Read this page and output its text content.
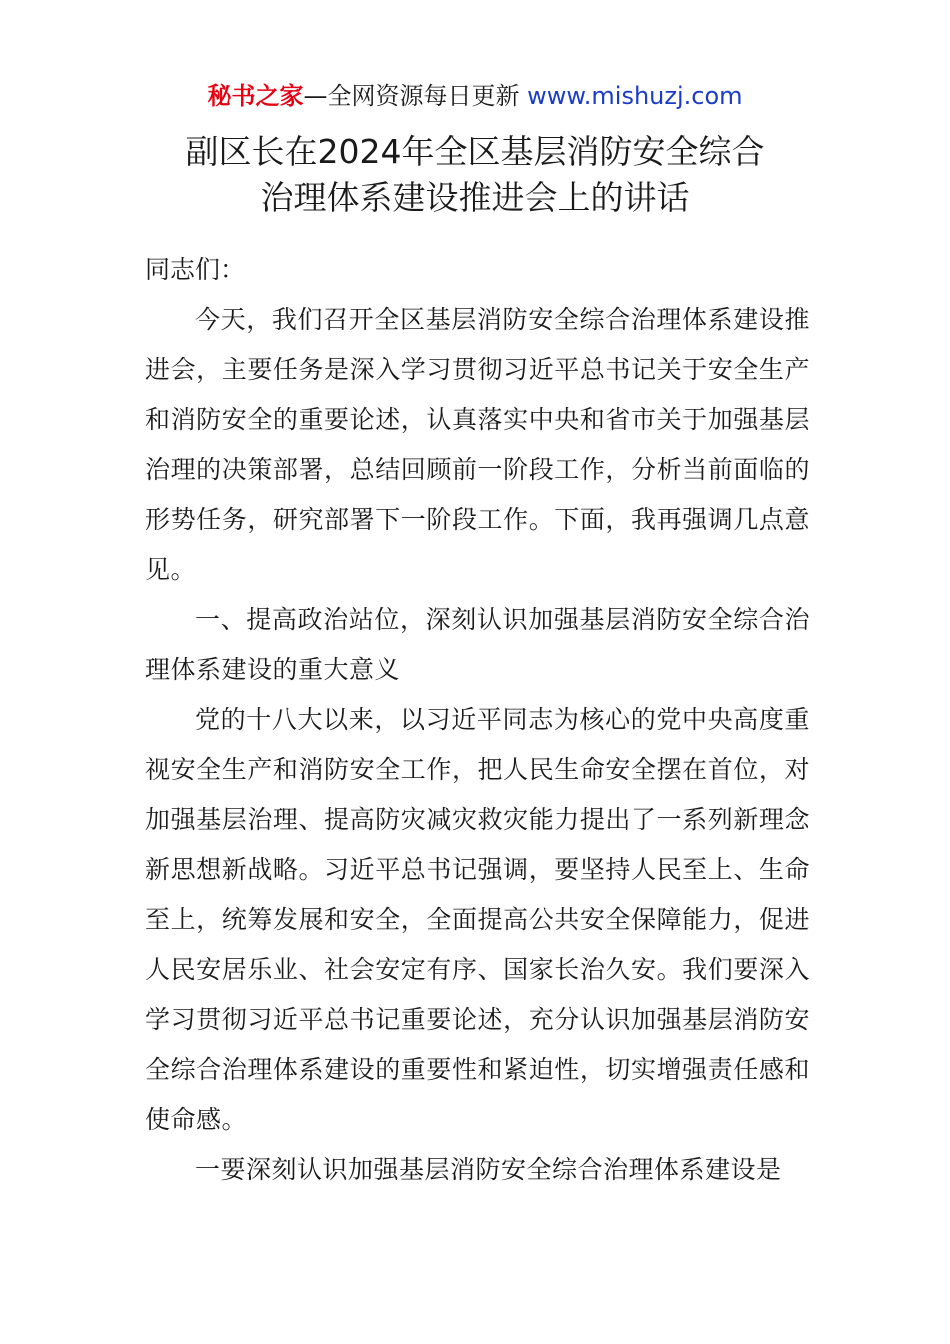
秘书之家—全网资源每日更新 www.mishuzj.com
副区长在2024年全区基层消防安全综合
治理体系建设推进会上的讲话
同志们：

今天，我们召开全区基层消防安全综合治理体系建设推进会，主要任务是深入学习贯彻习近平总书记关于安全生产和消防安全的重要论述，认真落实中央和省市关于加强基层治理的决策部署，总结回顾前一阶段工作，分析当前面临的形势任务，研究部署下一阶段工作。下面，我再强调几点意见。

一、提高政治站位，深刻认识加强基层消防安全综合治理体系建设的重大意义

党的十八大以来，以习近平同志为核心的党中央高度重视安全生产和消防安全工作，把人民生命安全摆在首位，对加强基层治理、提高防灾减灾救灾能力提出了一系列新理念新思想新战略。习近平总书记强调，要坚持人民至上、生命至上，统筹发展和安全，全面提高公共安全保障能力，促进人民安居乐业、社会安定有序、国家长治久安。我们要深入学习贯彻习近平总书记重要论述，充分认识加强基层消防安全综合治理体系建设的重要性和紧迫性，切实增强责任感和使命感。

一要深刻认识加强基层消防安全综合治理体系建设是
